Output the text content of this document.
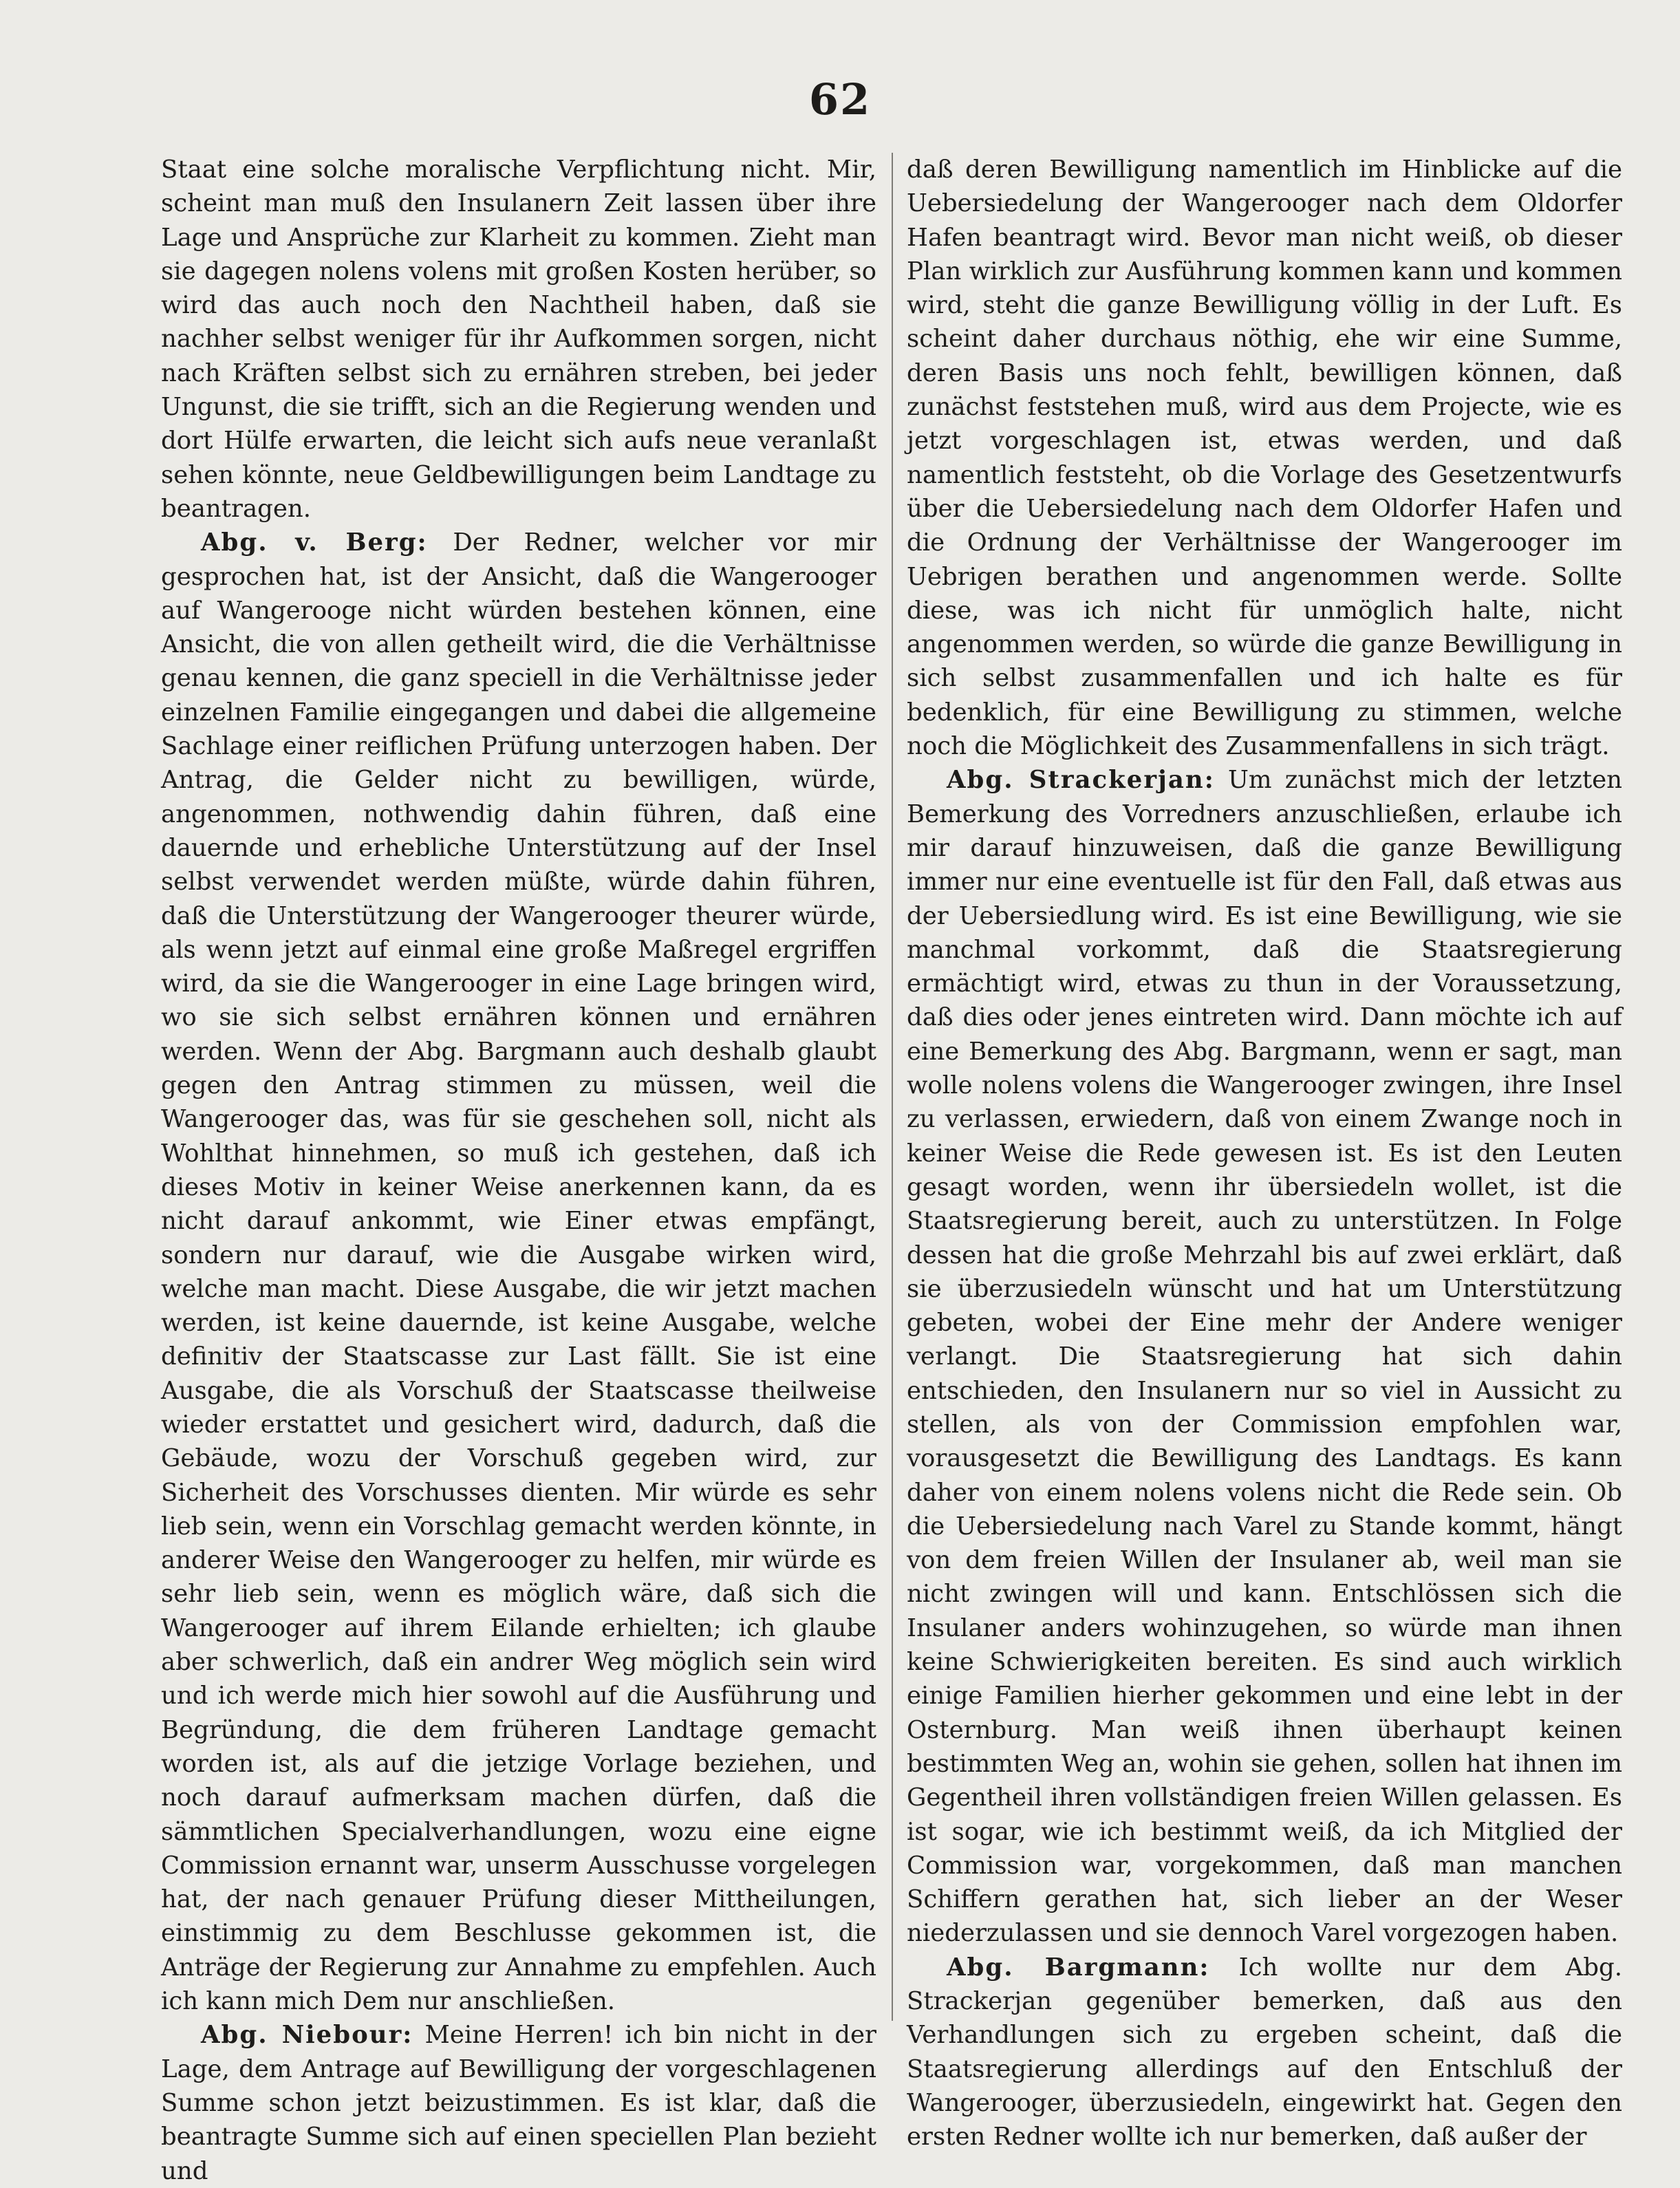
62

Staat eine solche moralische Verpflichtung nicht. Mir, scheint man muß den Insulanern Zeit lassen über ihre Lage und Ansprüche zur Klarheit zu kommen. Zieht man sie dagegen nolens volens mit großen Kosten herüber, so wird das auch noch den Nachtheil haben, daß sie nachher selbst weniger für ihr Aufkommen sorgen, nicht nach Kräften selbst sich zu ernähren streben, bei jeder Ungunst, die sie trifft, sich an die Regierung wenden und dort Hülfe erwarten, die leicht sich aufs neue veranlaßt sehen könnte, neue Geldbewilligungen beim Landtage zu beantragen.

Abg. v. Berg: Der Redner, welcher vor mir gesprochen hat, ist der Ansicht, daß die Wangerooger auf Wangerooge nicht würden bestehen können, eine Ansicht, die von allen getheilt wird, die die Verhältnisse genau kennen, die ganz speciell in die Verhältnisse jeder einzelnen Familie eingegangen und dabei die allgemeine Sachlage einer reiflichen Prüfung unterzogen haben. Der Antrag, die Gelder nicht zu bewilligen, würde, angenommen, nothwendig dahin führen, daß eine dauernde und erhebliche Unterstützung auf der Insel selbst verwendet werden müßte, würde dahin führen, daß die Unterstützung der Wangerooger theurer würde, als wenn jetzt auf einmal eine große Maßregel ergriffen wird, da sie die Wangerooger in eine Lage bringen wird, wo sie sich selbst ernähren können und ernähren werden. Wenn der Abg. Bargmann auch deshalb glaubt gegen den Antrag stimmen zu müssen, weil die Wangerooger das, was für sie geschehen soll, nicht als Wohlthat hinnehmen, so muß ich gestehen, daß ich dieses Motiv in keiner Weise anerkennen kann, da es nicht darauf ankommt, wie Einer etwas empfängt, sondern nur darauf, wie die Ausgabe wirken wird, welche man macht. Diese Ausgabe, die wir jetzt machen werden, ist keine dauernde, ist keine Ausgabe, welche definitiv der Staatscasse zur Last fällt. Sie ist eine Ausgabe, die als Vorschuß der Staatscasse theilweise wieder erstattet und gesichert wird, dadurch, daß die Gebäude, wozu der Vorschuß gegeben wird, zur Sicherheit des Vorschusses dienten. Mir würde es sehr lieb sein, wenn ein Vorschlag gemacht werden könnte, in anderer Weise den Wangerooger zu helfen, mir würde es sehr lieb sein, wenn es möglich wäre, daß sich die Wangerooger auf ihrem Eilande erhielten; ich glaube aber schwerlich, daß ein andrer Weg möglich sein wird und ich werde mich hier sowohl auf die Ausführung und Begründung, die dem früheren Landtage gemacht worden ist, als auf die jetzige Vorlage beziehen, und noch darauf aufmerksam machen dürfen, daß die sämmtlichen Specialverhandlungen, wozu eine eigne Commission ernannt war, unserm Ausschusse vorgelegen hat, der nach genauer Prüfung dieser Mittheilungen, einstimmig zu dem Beschlusse gekommen ist, die Anträge der Regierung zur Annahme zu empfehlen. Auch ich kann mich Dem nur anschließen.

Abg. Niebour: Meine Herren! ich bin nicht in der Lage, dem Antrage auf Bewilligung der vorgeschlagenen Summe schon jetzt beizustimmen. Es ist klar, daß die beantragte Summe sich auf einen speciellen Plan bezieht und

daß deren Bewilligung namentlich im Hinblicke auf die Uebersiedelung der Wangerooger nach dem Oldorfer Hafen beantragt wird. Bevor man nicht weiß, ob dieser Plan wirklich zur Ausführung kommen kann und kommen wird, steht die ganze Bewilligung völlig in der Luft. Es scheint daher durchaus nöthig, ehe wir eine Summe, deren Basis uns noch fehlt, bewilligen können, daß zunächst feststehen muß, wird aus dem Projecte, wie es jetzt vorgeschlagen ist, etwas werden, und daß namentlich feststeht, ob die Vorlage des Gesetzentwurfs über die Uebersiedelung nach dem Oldorfer Hafen und die Ordnung der Verhältnisse der Wangerooger im Uebrigen berathen und angenommen werde. Sollte diese, was ich nicht für unmöglich halte, nicht angenommen werden, so würde die ganze Bewilligung in sich selbst zusammenfallen und ich halte es für bedenklich, für eine Bewilligung zu stimmen, welche noch die Möglichkeit des Zusammenfallens in sich trägt.

Abg. Strackerjan: Um zunächst mich der letzten Bemerkung des Vorredners anzuschließen, erlaube ich mir darauf hinzuweisen, daß die ganze Bewilligung immer nur eine eventuelle ist für den Fall, daß etwas aus der Uebersiedlung wird. Es ist eine Bewilligung, wie sie manchmal vorkommt, daß die Staatsregierung ermächtigt wird, etwas zu thun in der Voraussetzung, daß dies oder jenes eintreten wird. Dann möchte ich auf eine Bemerkung des Abg. Bargmann, wenn er sagt, man wolle nolens volens die Wangerooger zwingen, ihre Insel zu verlassen, erwiedern, daß von einem Zwange noch in keiner Weise die Rede gewesen ist. Es ist den Leuten gesagt worden, wenn ihr übersiedeln wollet, ist die Staatsregierung bereit, auch zu unterstützen. In Folge dessen hat die große Mehrzahl bis auf zwei erklärt, daß sie überzusiedeln wünscht und hat um Unterstützung gebeten, wobei der Eine mehr der Andere weniger verlangt. Die Staatsregierung hat sich dahin entschieden, den Insulanern nur so viel in Aussicht zu stellen, als von der Commission empfohlen war, vorausgesetzt die Bewilligung des Landtags. Es kann daher von einem nolens volens nicht die Rede sein. Ob die Uebersiedelung nach Varel zu Stande kommt, hängt von dem freien Willen der Insulaner ab, weil man sie nicht zwingen will und kann. Entschlössen sich die Insulaner anders wohinzugehen, so würde man ihnen keine Schwierigkeiten bereiten. Es sind auch wirklich einige Familien hierher gekommen und eine lebt in der Osternburg. Man weiß ihnen überhaupt keinen bestimmten Weg an, wohin sie gehen, sollen hat ihnen im Gegentheil ihren vollständigen freien Willen gelassen. Es ist sogar, wie ich bestimmt weiß, da ich Mitglied der Commission war, vorgekommen, daß man manchen Schiffern gerathen hat, sich lieber an der Weser niederzulassen und sie dennoch Varel vorgezogen haben.

Abg. Bargmann: Ich wollte nur dem Abg. Strackerjan gegenüber bemerken, daß aus den Verhandlungen sich zu ergeben scheint, daß die Staatsregierung allerdings auf den Entschluß der Wangerooger, überzusiedeln, eingewirkt hat. Gegen den ersten Redner wollte ich nur bemerken, daß außer der
